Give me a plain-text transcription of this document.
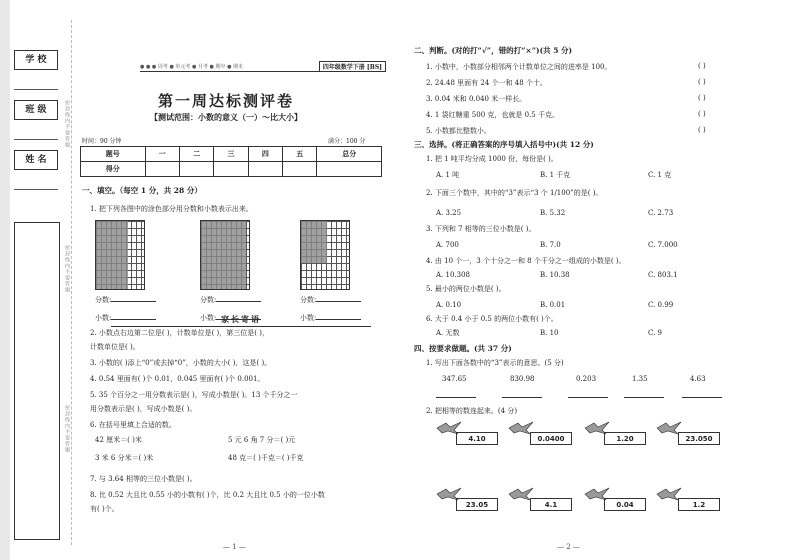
学 校
班 级
姓 名
家长寄语
密封线内不要答题
密封线内不要答题
密封线内不要答题
● ● ● 周考 ● 单元考 ● 月考 ● 期中 ● 期末	四年级数学下册 [BS]
第一周达标测评卷
【测试范围：小数的意义（一）～比大小】
时间：90 分钟	满分：100 分
题号	一	二	三	四	五	总分
得分						
一、填空。（每空 1 分，共 28 分）
1. 把下列各图中的涂色部分用分数和小数表示出来。
分数:
小数:
分数:
小数:
分数:
小数:
2. 小数点右边第二位是( )，计数单位是( )，第三位是( )，
计数单位是( )。
3. 小数的( )添上“0”或去掉“0”，小数的大小( )，这是( )。
4. 0.54 里面有( )个 0.01，0.045 里面有( )个 0.001。
5. 35 个百分之一用分数表示是( )，写成小数是( )。13 个千分之一
用分数表示是( )，写成小数是( )。
6. 在括号里填上合适的数。
42 厘米＝( )米	5 元 6 角 7 分＝( )元
3 米 6 分米＝( )米	48 克＝( )千克＝( )千克
7. 与 3.64 相等的三位小数是( )。
8. 比 0.52 大且比 0.55 小的小数有( )个，比 0.2 大且比 0.5 小的一位小数
有( )个。
— 1 —
二、判断。(对的打“√”，错的打“×”)(共 5 分)
1. 小数中，小数部分相邻两个计数单位之间的进率是 100。	( )
2. 24.48 里面有 24 个一和 48 个十。	( )
3. 0.04 米和 0.040 米一样长。	( )
4. 1 袋红糖重 500 克，也就是 0.5 千克。	( )
5. 小数都比整数小。	( )
三、选择。(将正确答案的序号填入括号中)(共 12 分)
1. 把 1 吨平均分成 1000 份，每份是( )。
A. 1 吨	B. 1 千克	C. 1 克
2. 下面三个数中，其中的“3”表示“3 个 1/100”的是( )。
A. 3.25	B. 5.32	C. 2.73
3. 下列和 7 相等的三位小数是( )。
A. 700	B. 7.0	C. 7.000
4. 由 10 个一，3 个十分之一和 8 个千分之一组成的小数是( )。
A. 10.308	B. 10.38	C. 803.1
5. 最小的两位小数是( )。
A. 0.10	B. 0.01	C. 0.99
6. 大于 0.4 小于 0.5 的两位小数有( )个。
A. 无数	B. 10	C. 9
四、按要求做题。(共 37 分)
1. 写出下面各数中的“3”表示的意思。(5 分)
347.65	830.98	0.203	1.35	4.63
2. 把相等的数连起来。(4 分)
4.10	0.0400	1.20	23.050
23.05	4.1	0.04	1.2
— 2 —
